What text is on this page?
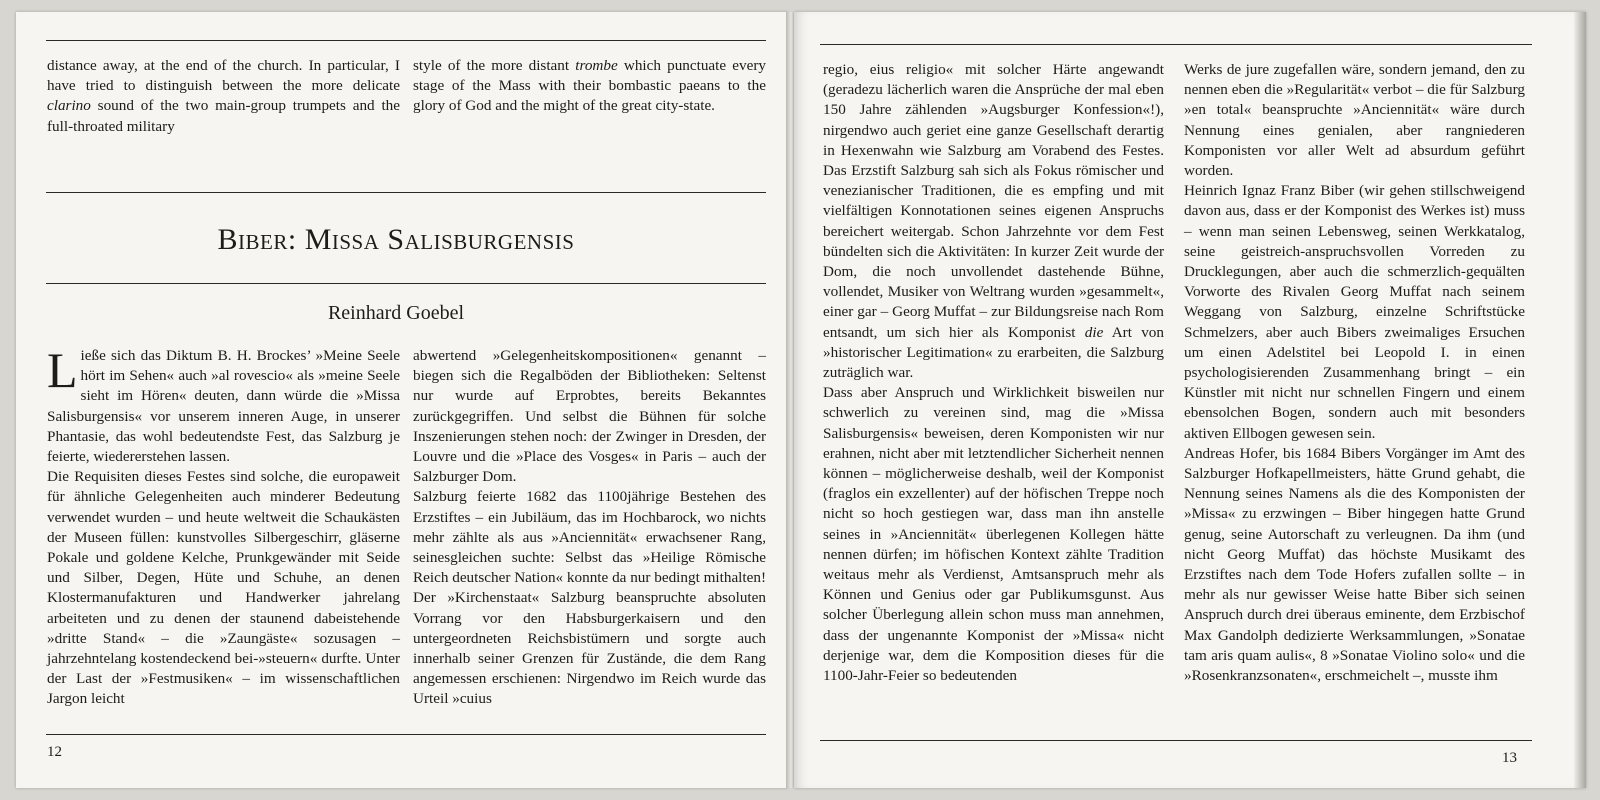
distance away, at the end of the church. In particular, I have tried to distinguish between the more delicate clarino sound of the two main-group trumpets and the full-throated military

style of the more distant trombe which punctuate every stage of the Mass with their bombastic paeans to the glory of God and the might of the great city-state.

Biber: Missa Salisburgensis
Reinhard Goebel

Ließe sich das Diktum B. H. Brockes’ »Meine Seele hört im Sehen« auch »al rovescio« als »meine Seele sieht im Hören« deuten, dann würde die »Missa Salisburgensis« vor unserem inneren Auge, in unserer Phantasie, das wohl bedeutendste Fest, das Salzburg je feierte, wiedererstehen lassen.

Die Requisiten dieses Festes sind solche, die europaweit für ähnliche Gelegenheiten auch minderer Bedeutung verwendet wurden – und heute weltweit die Schaukästen der Museen füllen: kunstvolles Silbergeschirr, gläserne Pokale und goldene Kelche, Prunkgewänder mit Seide und Silber, Degen, Hüte und Schuhe, an denen Klostermanufakturen und Handwerker jahrelang arbeiteten und zu denen der staunend dabeistehende »dritte Stand« – die »Zaungäste« sozusagen – jahrzehntelang kostendeckend bei-»steuern« durfte. Unter der Last der »Festmusiken« – im wissenschaftlichen Jargon leicht

abwertend »Gelegenheitskompositionen« genannt – biegen sich die Regalböden der Bibliotheken: Seltenst nur wurde auf Erprobtes, bereits Bekanntes zurückgegriffen. Und selbst die Bühnen für solche Inszenierungen stehen noch: der Zwinger in Dresden, der Louvre und die »Place des Vosges« in Paris – auch der Salzburger Dom.

Salzburg feierte 1682 das 1100jährige Bestehen des Erzstiftes – ein Jubiläum, das im Hochbarock, wo nichts mehr zählte als aus »Anciennität« erwachsener Rang, seinesgleichen suchte: Selbst das »Heilige Römische Reich deutscher Nation« konnte da nur bedingt mithalten! Der »Kirchenstaat« Salzburg beanspruchte absoluten Vorrang vor den Habsburgerkaisern und den untergeordneten Reichsbistümern und sorgte auch innerhalb seiner Grenzen für Zustände, die dem Rang angemessen erschienen: Nirgendwo im Reich wurde das Urteil »cuius

12

regio, eius religio« mit solcher Härte angewandt (geradezu lächerlich waren die Ansprüche der mal eben 150 Jahre zählenden »Augsburger Konfession«!), nirgendwo auch geriet eine ganze Gesellschaft derartig in Hexenwahn wie Salzburg am Vorabend des Festes. Das Erzstift Salzburg sah sich als Fokus römischer und venezianischer Traditionen, die es empfing und mit vielfältigen Konnotationen seines eigenen Anspruchs bereichert weitergab. Schon Jahrzehnte vor dem Fest bündelten sich die Aktivitäten: In kurzer Zeit wurde der Dom, die noch unvollendet dastehende Bühne, vollendet, Musiker von Weltrang wurden »gesammelt«, einer gar – Georg Muffat – zur Bildungsreise nach Rom entsandt, um sich hier als Komponist die Art von »historischer Legitimation« zu erarbeiten, die Salzburg zuträglich war.

Dass aber Anspruch und Wirklichkeit bisweilen nur schwerlich zu vereinen sind, mag die »Missa Salisburgensis« beweisen, deren Komponisten wir nur erahnen, nicht aber mit letztendlicher Sicherheit nennen können – möglicherweise deshalb, weil der Komponist (fraglos ein exzellenter) auf der höfischen Treppe noch nicht so hoch gestiegen war, dass man ihn anstelle seines in »Anciennität« überlegenen Kollegen hätte nennen dürfen; im höfischen Kontext zählte Tradition weitaus mehr als Verdienst, Amtsanspruch mehr als Können und Genius oder gar Publikumsgunst. Aus solcher Überlegung allein schon muss man annehmen, dass der ungenannte Komponist der »Missa« nicht derjenige war, dem die Komposition dieses für die 1100-Jahr-Feier so bedeutenden

Werks de jure zugefallen wäre, sondern jemand, den zu nennen eben die »Regularität« verbot – die für Salzburg »en total« beanspruchte »Anciennität« wäre durch Nennung eines genialen, aber rangniederen Komponisten vor aller Welt ad absurdum geführt worden.

Heinrich Ignaz Franz Biber (wir gehen stillschweigend davon aus, dass er der Komponist des Werkes ist) muss – wenn man seinen Lebensweg, seinen Werkkatalog, seine geistreich-anspruchsvollen Vorreden zu Drucklegungen, aber auch die schmerzlich-gequälten Vorworte des Rivalen Georg Muffat nach seinem Weggang von Salzburg, einzelne Schriftstücke Schmelzers, aber auch Bibers zweimaliges Ersuchen um einen Adelstitel bei Leopold I. in einen psychologisierenden Zusammenhang bringt – ein Künstler mit nicht nur schnellen Fingern und einem ebensolchen Bogen, sondern auch mit besonders aktiven Ellbogen gewesen sein.

Andreas Hofer, bis 1684 Bibers Vorgänger im Amt des Salzburger Hofkapellmeisters, hätte Grund gehabt, die Nennung seines Namens als die des Komponisten der »Missa« zu erzwingen – Biber hingegen hatte Grund genug, seine Autorschaft zu verleugnen. Da ihm (und nicht Georg Muffat) das höchste Musikamt des Erzstiftes nach dem Tode Hofers zufallen sollte – in mehr als nur gewisser Weise hatte Biber sich seinen Anspruch durch drei überaus eminente, dem Erzbischof Max Gandolph dedizierte Werksammlungen, »Sonatae tam aris quam aulis«, 8 »Sonatae Violino solo« und die »Rosenkranzsonaten«, erschmeichelt –, musste ihm

13
